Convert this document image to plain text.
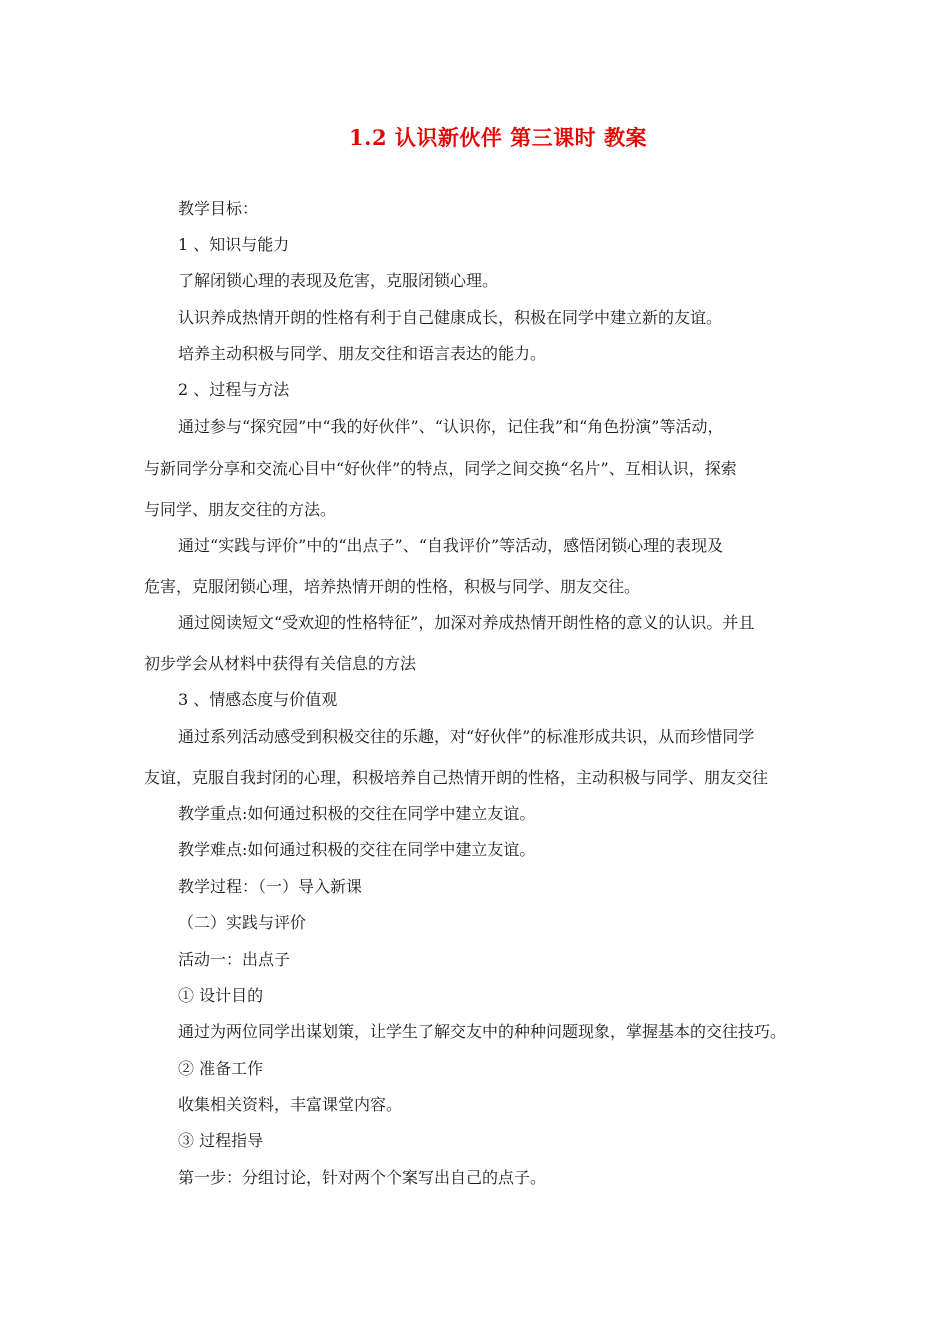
1.2 认识新伙伴 第三课时 教案
教学目标：
1 、知识与能力
了解闭锁心理的表现及危害，克服闭锁心理。
认识养成热情开朗的性格有利于自己健康成长，积极在同学中建立新的友谊。
培养主动积极与同学、朋友交往和语言表达的能力。
2 、过程与方法
通过参与“探究园”中“我的好伙伴”、“认识你，记住我”和“角色扮演”等活动，
与新同学分享和交流心目中“好伙伴”的特点，同学之间交换“名片”、互相认识，探索
与同学、朋友交往的方法。
通过“实践与评价”中的“出点子”、“自我评价”等活动，感悟闭锁心理的表现及
危害，克服闭锁心理，培养热情开朗的性格，积极与同学、朋友交往。
通过阅读短文“受欢迎的性格特征”，加深对养成热情开朗性格的意义的认识。并且
初步学会从材料中获得有关信息的方法
3 、情感态度与价值观
通过系列活动感受到积极交往的乐趣，对“好伙伴”的标准形成共识，从而珍惜同学
友谊，克服自我封闭的心理，积极培养自己热情开朗的性格，主动积极与同学、朋友交往
教学重点:如何通过积极的交往在同学中建立友谊。
教学难点:如何通过积极的交往在同学中建立友谊。
教学过程：（一）导入新课
（二）实践与评价
活动一：出点子
① 设计目的
通过为两位同学出谋划策，让学生了解交友中的种种问题现象，掌握基本的交往技巧。
② 准备工作
收集相关资料，丰富课堂内容。
③ 过程指导
第一步：分组讨论，针对两个个案写出自己的点子。
